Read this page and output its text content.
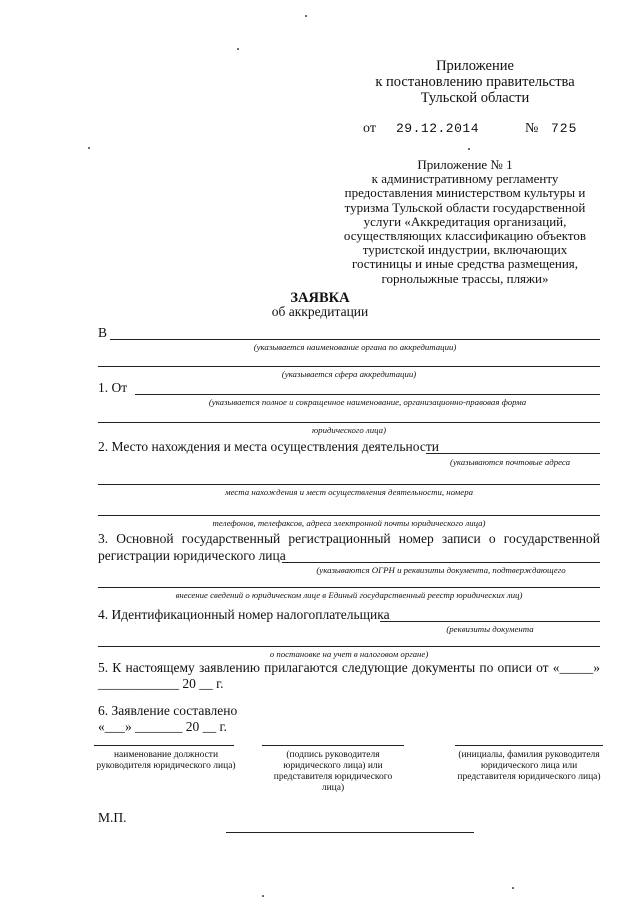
Приложение
к постановлению правительства
Тульской области
от 29.12.2014	№ 725
Приложение № 1
к административному регламенту
предоставления министерством культуры и
туризма Тульской области государственной
услуги «Аккредитация организаций,
осуществляющих классификацию объектов
туристской индустрии, включающих
гостиницы и иные средства размещения,
горнолыжные трассы, пляжи»
ЗАЯВКА
об аккредитации
В
(указывается наименование органа по аккредитации)
(указывается сфера аккредитации)
1. От
(указывается полное и сокращенное наименование, организационно-правовая форма
юридического лица)
2. Место нахождения и места осуществления деятельности
(указываются почтовые адреса
места нахождения и мест осуществления деятельности, номера
телефонов, телефаксов, адреса электронной почты юридического лица)
3. Основной государственный регистрационный номер записи о государственной
регистрации юридического лица
(указываются ОГРН и реквизиты документа, подтверждающего
внесение сведений о юридическом лице в Единый государственный реестр юридических лиц)
4. Идентификационный номер налогоплательщика
(реквизиты документа
о постановке на учет в налоговом органе)
5. К настоящему заявлению прилагаются следующие документы по описи от «_____»
____________ 20 __ г.
6. Заявление составлено
«___» _______ 20 __ г.
наименование должности руководителя юридического лица)
(подпись руководителя юридического лица) или представителя юридического лица)
(инициалы, фамилия руководителя юридического лица или представителя юридического лица)
М.П.
